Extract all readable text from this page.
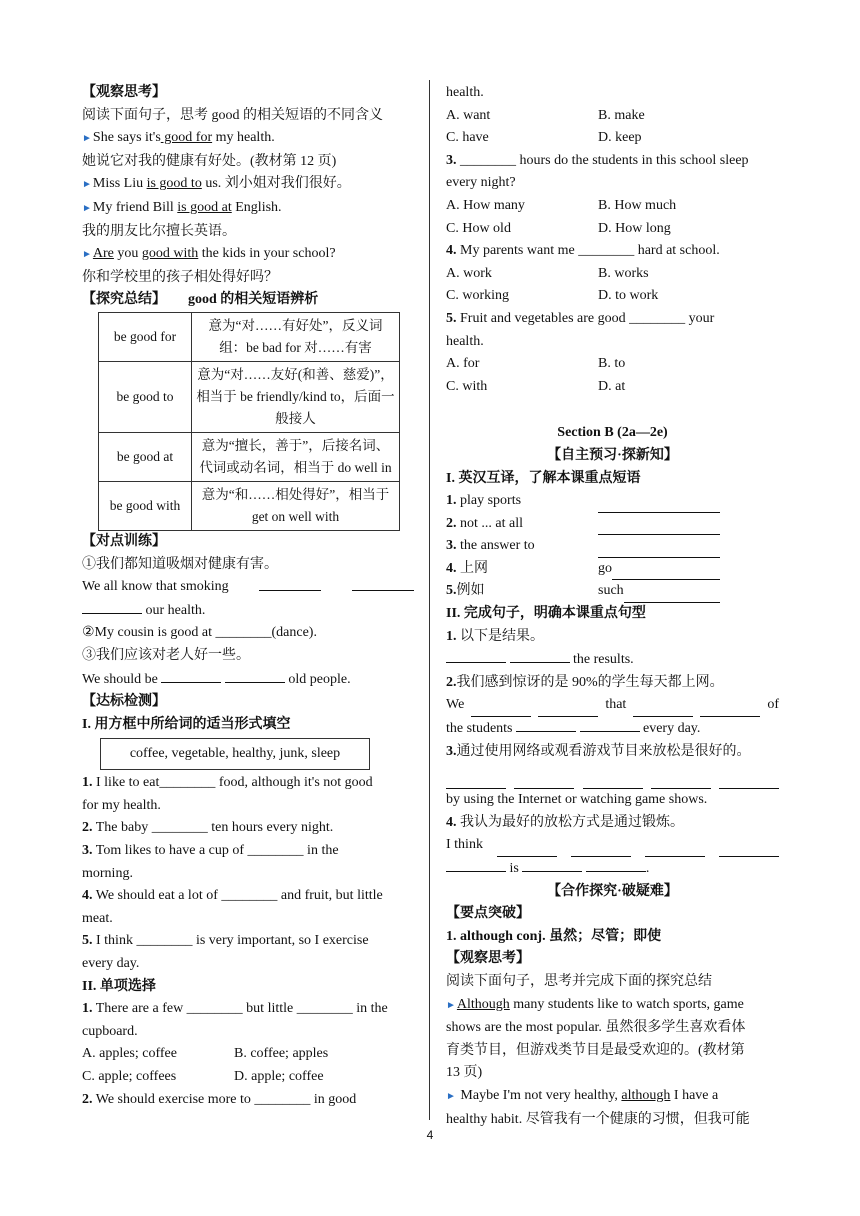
【观察思考】
阅读下面句子，思考 good 的相关短语的不同含义
►She says it's good for my health.
她说它对我的健康有好处。(教材第 12 页)
►Miss Liu is good to us. 刘小姐对我们很好。
►My friend Bill is good at English.
我的朋友比尔擅长英语。
►Are you good with the kids in your school?
你和学校里的孩子相处得好吗？
【探究总结】 good 的相关短语辨析
be good for	意为“对……有好处”，反义词组：be bad for 对……有害
be good to	意为“对……友好(和善、慈爱)”，相当于 be friendly/kind to，后面一般接人
be good at	意为“擅长，善于”，后接名词、代词或动名词，相当于 do well in
be good with	意为“和……相处得好”，相当于 get on well with
【对点训练】
①我们都知道吸烟对健康有害。
We all know that smoking
our health.
②My cousin is good at ________(dance).
③我们应该对老人好一些。
We should be	old people.
【达标检测】
I. 用方框中所给词的适当形式填空
coffee, vegetable, healthy, junk, sleep
1. I like to eat________ food, although it's not good
for my health.
2. The baby ________ ten hours every night.
3. Tom likes to have a cup of ________ in the
morning.
4. We should eat a lot of ________ and fruit, but little
meat.
5. I think ________ is very important, so I exercise
every day.
II. 单项选择
1. There are a few ________ but little ________ in the
cupboard.
A. apples; coffee	B. coffee; apples
C. apple; coffees	D. apple; coffee
2. We should exercise more to ________ in good
health.
A. want	B. make
C. have	D. keep
3. ________ hours do the students in this school sleep
every night?
A. How many	B. How much
C. How old	D. How long
4. My parents want me ________ hard at school.
A. work	B. works
C. working	D. to work
5. Fruit and vegetables are good ________ your
health.
A. for	B. to
C. with	D. at
Section B (2a—2e)
【自主预习·探新知】
I. 英汉互译，了解本课重点短语
1. play sports
2. not ... at all
3. the answer to
4. 上网	go
5.例如	such
II. 完成句子，明确本课重点句型
1. 以下是结果。
the results.
2.我们感到惊讶的是 90%的学生每天都上网。
We	that	of
the students	every day.
3.通过使用网络或观看游戏节目来放松是很好的。
by using the Internet or watching game shows.
4. 我认为最好的放松方式是通过锻炼。
I think
is	.
【合作探究·破疑难】
【要点突破】
1. although conj. 虽然；尽管；即使
【观察思考】
阅读下面句子，思考并完成下面的探究总结
►Although many students like to watch sports, game
shows are the most popular. 虽然很多学生喜欢看体
育类节目，但游戏类节目是最受欢迎的。(教材第
13 页)
► Maybe I'm not very healthy, although I have a
healthy habit. 尽管我有一个健康的习惯，但我可能
4
